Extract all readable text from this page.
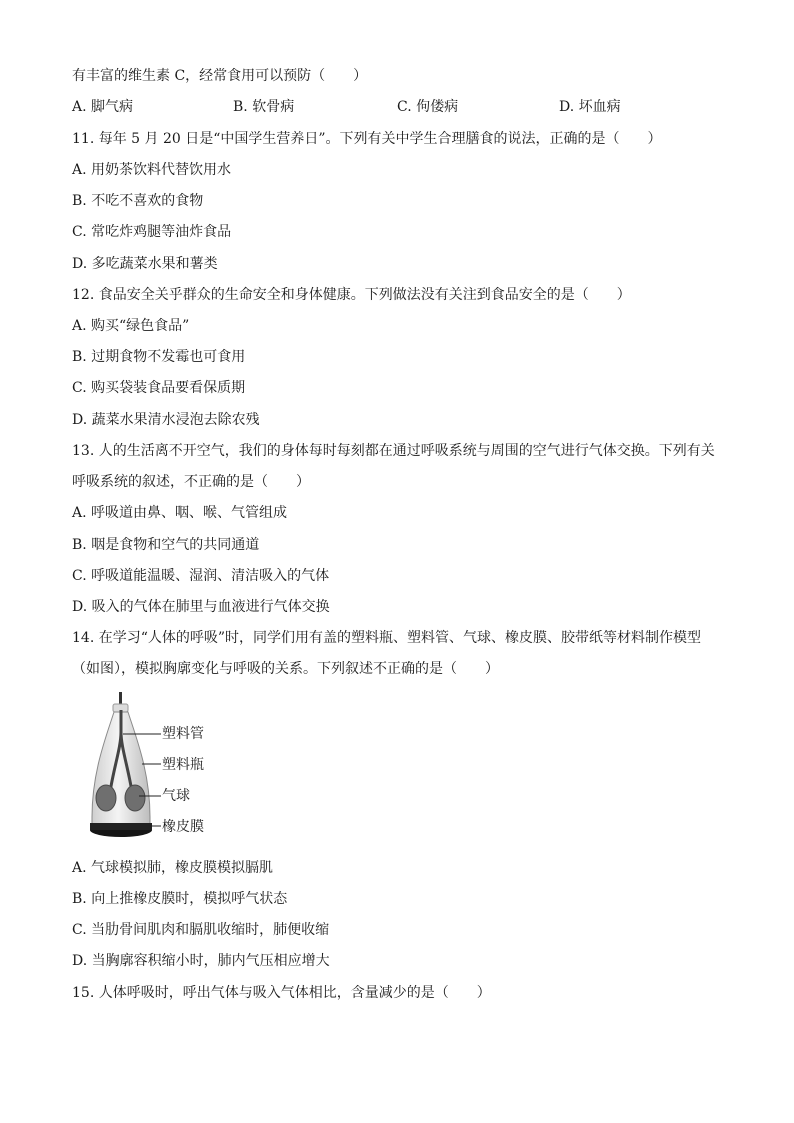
有丰富的维生素 C，经常食用可以预防（　　）
A. 脚气病	B. 软骨病	C. 佝偻病	D. 坏血病
11. 每年 5 月 20 日是“中国学生营养日”。下列有关中学生合理膳食的说法，正确的是（　　）
A. 用奶茶饮料代替饮用水
B. 不吃不喜欢的食物
C. 常吃炸鸡腿等油炸食品
D. 多吃蔬菜水果和薯类
12. 食品安全关乎群众的生命安全和身体健康。下列做法没有关注到食品安全的是（　　）
A. 购买“绿色食品”
B. 过期食物不发霉也可食用
C. 购买袋装食品要看保质期
D. 蔬菜水果清水浸泡去除农残
13. 人的生活离不开空气，我们的身体每时每刻都在通过呼吸系统与周围的空气进行气体交换。下列有关
呼吸系统的叙述，不正确的是（　　）
A. 呼吸道由鼻、咽、喉、气管组成
B. 咽是食物和空气的共同通道
C. 呼吸道能温暖、湿润、清洁吸入的气体
D. 吸入的气体在肺里与血液进行气体交换
14. 在学习“人体的呼吸”时，同学们用有盖的塑料瓶、塑料管、气球、橡皮膜、胶带纸等材料制作模型
（如图），模拟胸廓变化与呼吸的关系。下列叙述不正确的是（　　）
塑料管
塑料瓶
气球
橡皮膜
A. 气球模拟肺，橡皮膜模拟膈肌
B. 向上推橡皮膜时，模拟呼气状态
C. 当肋骨间肌肉和膈肌收缩时，肺便收缩
D. 当胸廓容积缩小时，肺内气压相应增大
15. 人体呼吸时，呼出气体与吸入气体相比，含量减少的是（　　）
